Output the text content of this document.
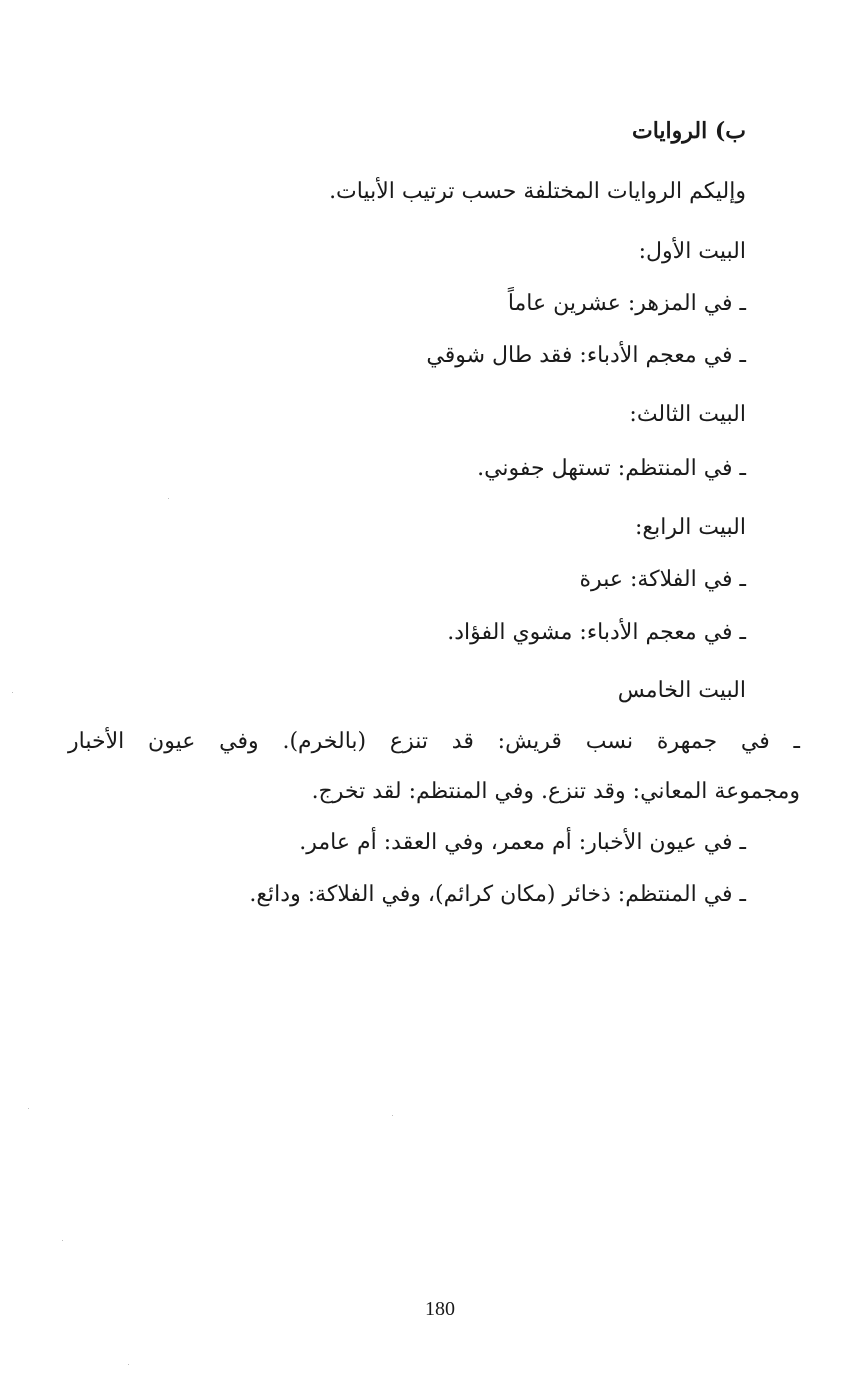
ب) الروايات
وإليكم الروايات المختلفة حسب ترتيب الأبيات.
البيت الأول:
ـ في المزهر: عشرين عاماً
ـ في معجم الأدباء: فقد طال شوقي
البيت الثالث:
ـ في المنتظم: تستهل جفوني.
البيت الرابع:
ـ في الفلاكة: عبرة
ـ في معجم الأدباء: مشوي الفؤاد.
البيت الخامس
ـ في جمهرة نسب قريش: قد تنزع (بالخرم). وفي عيون الأخبار
ومجموعة المعاني: وقد تنزع. وفي المنتظم: لقد تخرج.
ـ في عيون الأخبار: أم معمر، وفي العقد: أم عامر.
ـ في المنتظم: ذخائر (مكان كرائم)، وفي الفلاكة: ودائع.
180
